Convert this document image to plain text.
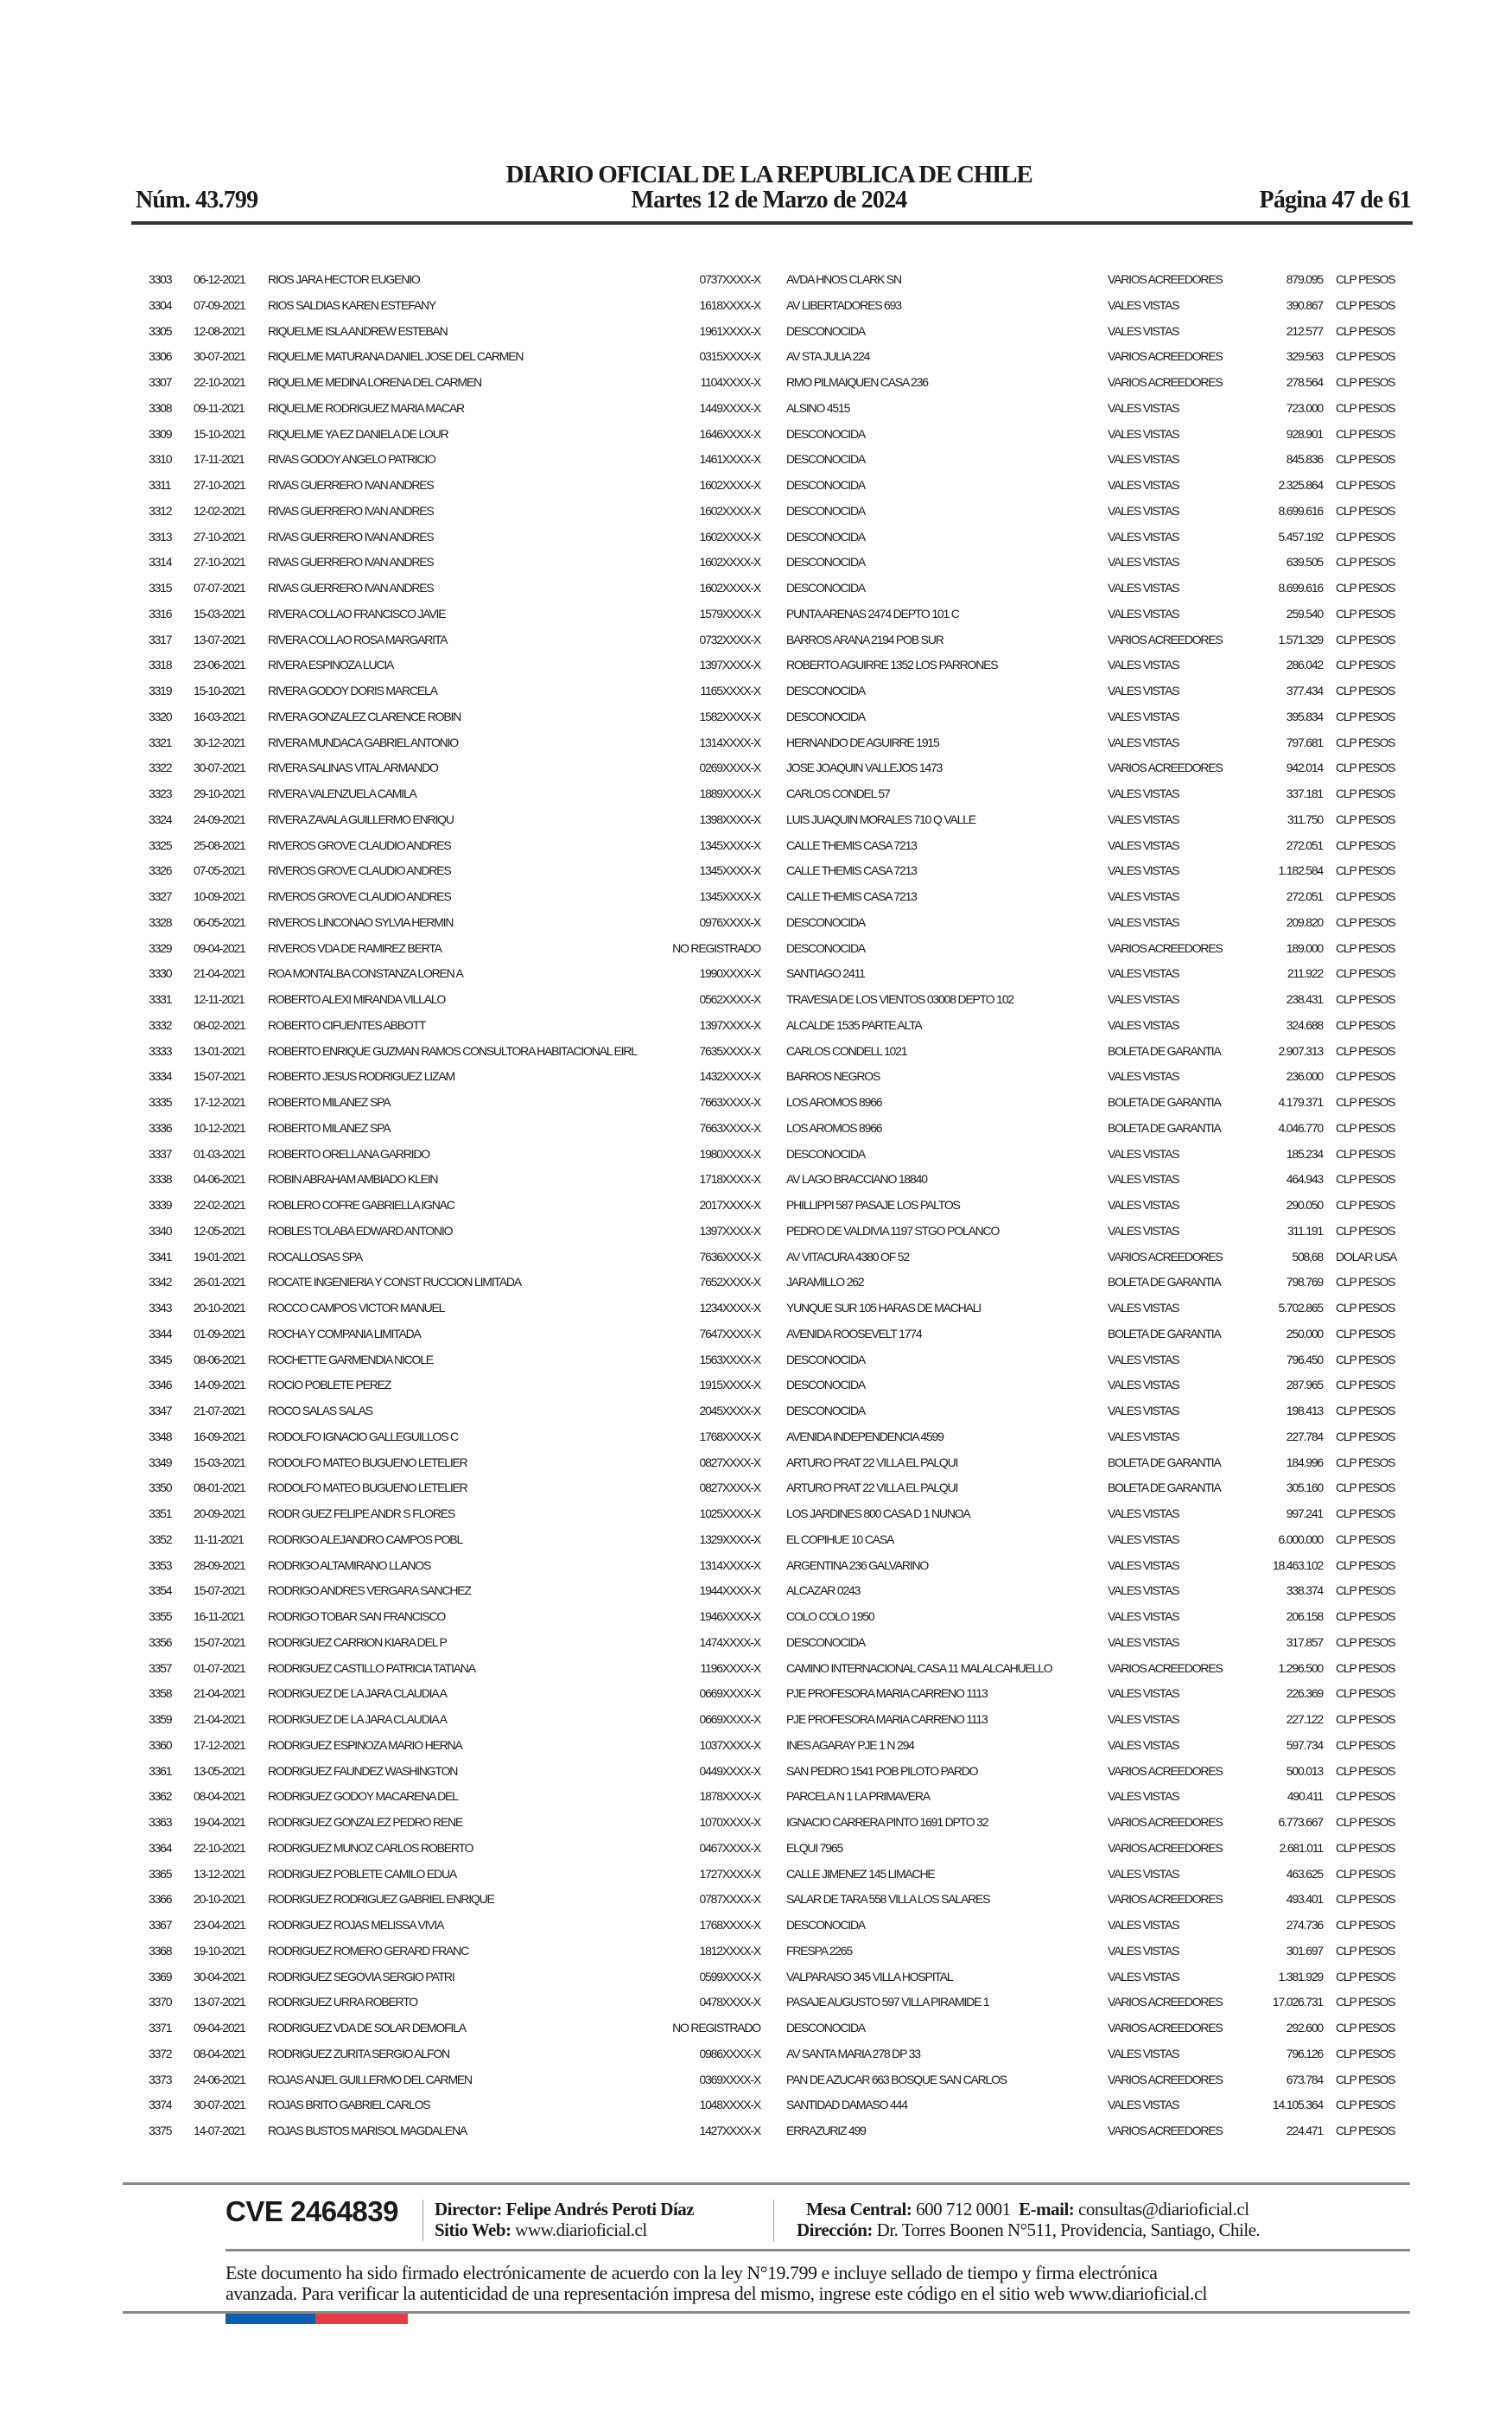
DIARIO OFICIAL DE LA REPUBLICA DE CHILE
Núm. 43.799	Martes 12 de Marzo de 2024	Página 47 de 61
3303 06-12-2021 RIOS JARA HECTOR EUGENIO	0737XXXX-X AVDA HNOS CLARK SN	VARIOS ACREEDORES	879.095 CLP PESOS
3304 07-09-2021 RIOS SALDIAS KAREN ESTEFANY	1618XXXX-X AV LIBERTADORES 693	VALES VISTAS	390.867 CLP PESOS
3305 12-08-2021 RIQUELME ISLA ANDREW ESTEBAN	1961XXXX-X DESCONOCIDA	VALES VISTAS	212.577 CLP PESOS
3306 30-07-2021 RIQUELME MATURANA DANIEL JOSE DEL CARMEN	0315XXXX-X AV STA JULIA 224	VARIOS ACREEDORES	329.563 CLP PESOS
3307 22-10-2021 RIQUELME MEDINA LORENA DEL CARMEN	1104XXXX-X RMO PILMAIQUEN CASA 236	VARIOS ACREEDORES	278.564 CLP PESOS
3308 09-11-2021 RIQUELME RODRIGUEZ MARIA MACAR	1449XXXX-X ALSINO 4515	VALES VISTAS	723.000 CLP PESOS
3309 15-10-2021 RIQUELME YA EZ DANIELA DE LOUR	1646XXXX-X DESCONOCIDA	VALES VISTAS	928.901 CLP PESOS
3310 17-11-2021 RIVAS GODOY ANGELO PATRICIO	1461XXXX-X DESCONOCIDA	VALES VISTAS	845.836 CLP PESOS
3311 27-10-2021 RIVAS GUERRERO IVAN ANDRES	1602XXXX-X DESCONOCIDA	VALES VISTAS	2.325.864 CLP PESOS
3312 12-02-2021 RIVAS GUERRERO IVAN ANDRES	1602XXXX-X DESCONOCIDA	VALES VISTAS	8.699.616 CLP PESOS
3313 27-10-2021 RIVAS GUERRERO IVAN ANDRES	1602XXXX-X DESCONOCIDA	VALES VISTAS	5.457.192 CLP PESOS
3314 27-10-2021 RIVAS GUERRERO IVAN ANDRES	1602XXXX-X DESCONOCIDA	VALES VISTAS	639.505 CLP PESOS
3315 07-07-2021 RIVAS GUERRERO IVAN ANDRES	1602XXXX-X DESCONOCIDA	VALES VISTAS	8.699.616 CLP PESOS
3316 15-03-2021 RIVERA COLLAO FRANCISCO JAVIE	1579XXXX-X PUNTA ARENAS 2474 DEPTO 101 C	VALES VISTAS	259.540 CLP PESOS
3317 13-07-2021 RIVERA COLLAO ROSA MARGARITA	0732XXXX-X BARROS ARANA 2194 POB SUR	VARIOS ACREEDORES	1.571.329 CLP PESOS
3318 23-06-2021 RIVERA ESPINOZA LUCIA	1397XXXX-X ROBERTO AGUIRRE 1352 LOS PARRONES	VALES VISTAS	286.042 CLP PESOS
3319 15-10-2021 RIVERA GODOY DORIS MARCELA	1165XXXX-X DESCONOCIDA	VALES VISTAS	377.434 CLP PESOS
3320 16-03-2021 RIVERA GONZALEZ CLARENCE ROBIN	1582XXXX-X DESCONOCIDA	VALES VISTAS	395.834 CLP PESOS
3321 30-12-2021 RIVERA MUNDACA GABRIEL ANTONIO	1314XXXX-X HERNANDO DE AGUIRRE 1915	VALES VISTAS	797.681 CLP PESOS
3322 30-07-2021 RIVERA SALINAS VITAL ARMANDO	0269XXXX-X JOSE JOAQUIN VALLEJOS 1473	VARIOS ACREEDORES	942.014 CLP PESOS
3323 29-10-2021 RIVERA VALENZUELA CAMILA	1889XXXX-X CARLOS CONDEL 57	VALES VISTAS	337.181 CLP PESOS
3324 24-09-2021 RIVERA ZAVALA GUILLERMO ENRIQU	1398XXXX-X LUIS JUAQUIN MORALES 710 Q VALLE	VALES VISTAS	311.750 CLP PESOS
3325 25-08-2021 RIVEROS GROVE CLAUDIO ANDRES	1345XXXX-X CALLE THEMIS CASA 7213	VALES VISTAS	272.051 CLP PESOS
3326 07-05-2021 RIVEROS GROVE CLAUDIO ANDRES	1345XXXX-X CALLE THEMIS CASA 7213	VALES VISTAS	1.182.584 CLP PESOS
3327 10-09-2021 RIVEROS GROVE CLAUDIO ANDRES	1345XXXX-X CALLE THEMIS CASA 7213	VALES VISTAS	272.051 CLP PESOS
3328 06-05-2021 RIVEROS LINCONAO SYLVIA HERMIN	0976XXXX-X DESCONOCIDA	VALES VISTAS	209.820 CLP PESOS
3329 09-04-2021 RIVEROS VDA DE RAMIREZ BERTA	NO REGISTRADO DESCONOCIDA	VARIOS ACREEDORES	189.000 CLP PESOS
3330 21-04-2021 ROA MONTALBA CONSTANZA LOREN A	1990XXXX-X SANTIAGO 2411	VALES VISTAS	211.922 CLP PESOS
3331 12-11-2021 ROBERTO ALEXI MIRANDA VILLALO	0562XXXX-X TRAVESIA DE LOS VIENTOS 03008 DEPTO 102	VALES VISTAS	238.431 CLP PESOS
3332 08-02-2021 ROBERTO CIFUENTES ABBOTT	1397XXXX-X ALCALDE 1535 PARTE ALTA	VALES VISTAS	324.688 CLP PESOS
3333 13-01-2021 ROBERTO ENRIQUE GUZMAN RAMOS CONSULTORA HABITACIONAL EIRL	7635XXXX-X CARLOS CONDELL 1021	BOLETA DE GARANTIA	2.907.313 CLP PESOS
3334 15-07-2021 ROBERTO JESUS RODRIGUEZ LIZAM	1432XXXX-X BARROS NEGROS	VALES VISTAS	236.000 CLP PESOS
3335 17-12-2021 ROBERTO MILANEZ SPA	7663XXXX-X LOS AROMOS 8966	BOLETA DE GARANTIA	4.179.371 CLP PESOS
3336 10-12-2021 ROBERTO MILANEZ SPA	7663XXXX-X LOS AROMOS 8966	BOLETA DE GARANTIA	4.046.770 CLP PESOS
3337 01-03-2021 ROBERTO ORELLANA GARRIDO	1980XXXX-X DESCONOCIDA	VALES VISTAS	185.234 CLP PESOS
3338 04-06-2021 ROBIN ABRAHAM AMBIADO KLEIN	1718XXXX-X AV LAGO BRACCIANO 18840	VALES VISTAS	464.943 CLP PESOS
3339 22-02-2021 ROBLERO COFRE GABRIELLA IGNAC	2017XXXX-X PHILLIPPI 587 PASAJE LOS PALTOS	VALES VISTAS	290.050 CLP PESOS
3340 12-05-2021 ROBLES TOLABA EDWARD ANTONIO	1397XXXX-X PEDRO DE VALDIVIA 1197 STGO POLANCO	VALES VISTAS	311.191 CLP PESOS
3341 19-01-2021 ROCALLOSAS SPA	7636XXXX-X AV VITACURA 4380 OF 52	VARIOS ACREEDORES	508,68 DOLAR USA
3342 26-01-2021 ROCATE INGENIERIA Y CONST RUCCION LIMITADA	7652XXXX-X JARAMILLO 262	BOLETA DE GARANTIA	798.769 CLP PESOS
3343 20-10-2021 ROCCO CAMPOS VICTOR MANUEL	1234XXXX-X YUNQUE SUR 105 HARAS DE MACHALI	VALES VISTAS	5.702.865 CLP PESOS
3344 01-09-2021 ROCHA Y COMPANIA LIMITADA	7647XXXX-X AVENIDA ROOSEVELT 1774	BOLETA DE GARANTIA	250.000 CLP PESOS
3345 08-06-2021 ROCHETTE GARMENDIA NICOLE	1563XXXX-X DESCONOCIDA	VALES VISTAS	796.450 CLP PESOS
3346 14-09-2021 ROCIO POBLETE PEREZ	1915XXXX-X DESCONOCIDA	VALES VISTAS	287.965 CLP PESOS
3347 21-07-2021 ROCO SALAS SALAS	2045XXXX-X DESCONOCIDA	VALES VISTAS	198.413 CLP PESOS
3348 16-09-2021 RODOLFO IGNACIO GALLEGUILLOS C	1768XXXX-X AVENIDA INDEPENDENCIA 4599	VALES VISTAS	227.784 CLP PESOS
3349 15-03-2021 RODOLFO MATEO BUGUENO LETELIER	0827XXXX-X ARTURO PRAT 22 VILLA EL PALQUI	BOLETA DE GARANTIA	184.996 CLP PESOS
3350 08-01-2021 RODOLFO MATEO BUGUENO LETELIER	0827XXXX-X ARTURO PRAT 22 VILLA EL PALQUI	BOLETA DE GARANTIA	305.160 CLP PESOS
3351 20-09-2021 RODR GUEZ FELIPE ANDR S FLORES	1025XXXX-X LOS JARDINES 800 CASA D 1 NUNOA	VALES VISTAS	997.241 CLP PESOS
3352 11-11-2021 RODRIGO ALEJANDRO CAMPOS POBL	1329XXXX-X EL COPIHUE 10 CASA	VALES VISTAS	6.000.000 CLP PESOS
3353 28-09-2021 RODRIGO ALTAMIRANO LLANOS	1314XXXX-X ARGENTINA 236 GALVARINO	VALES VISTAS	18.463.102 CLP PESOS
3354 15-07-2021 RODRIGO ANDRES VERGARA SANCHEZ	1944XXXX-X ALCAZAR 0243	VALES VISTAS	338.374 CLP PESOS
3355 16-11-2021 RODRIGO TOBAR SAN FRANCISCO	1946XXXX-X COLO COLO 1950	VALES VISTAS	206.158 CLP PESOS
3356 15-07-2021 RODRIGUEZ CARRION KIARA DEL P	1474XXXX-X DESCONOCIDA	VALES VISTAS	317.857 CLP PESOS
3357 01-07-2021 RODRIGUEZ CASTILLO PATRICIA TATIANA	1196XXXX-X CAMINO INTERNACIONAL CASA 11 MALALCAHUELLO	VARIOS ACREEDORES	1.296.500 CLP PESOS
3358 21-04-2021 RODRIGUEZ DE LA JARA CLAUDIA A	0669XXXX-X PJE PROFESORA MARIA CARRENO 1113	VALES VISTAS	226.369 CLP PESOS
3359 21-04-2021 RODRIGUEZ DE LA JARA CLAUDIA A	0669XXXX-X PJE PROFESORA MARIA CARRENO 1113	VALES VISTAS	227.122 CLP PESOS
3360 17-12-2021 RODRIGUEZ ESPINOZA MARIO HERNA	1037XXXX-X INES AGARAY PJE 1 N 294	VALES VISTAS	597.734 CLP PESOS
3361 13-05-2021 RODRIGUEZ FAUNDEZ WASHINGTON	0449XXXX-X SAN PEDRO 1541 POB PILOTO PARDO	VARIOS ACREEDORES	500.013 CLP PESOS
3362 08-04-2021 RODRIGUEZ GODOY MACARENA DEL	1878XXXX-X PARCELA N 1 LA PRIMAVERA	VALES VISTAS	490.411 CLP PESOS
3363 19-04-2021 RODRIGUEZ GONZALEZ PEDRO RENE	1070XXXX-X IGNACIO CARRERA PINTO 1691 DPTO 32	VARIOS ACREEDORES	6.773.667 CLP PESOS
3364 22-10-2021 RODRIGUEZ MUNOZ CARLOS ROBERTO	0467XXXX-X ELQUI 7965	VARIOS ACREEDORES	2.681.011 CLP PESOS
3365 13-12-2021 RODRIGUEZ POBLETE CAMILO EDUA	1727XXXX-X CALLE JIMENEZ 145 LIMACHE	VALES VISTAS	463.625 CLP PESOS
3366 20-10-2021 RODRIGUEZ RODRIGUEZ GABRIEL ENRIQUE	0787XXXX-X SALAR DE TARA 558 VILLA LOS SALARES	VARIOS ACREEDORES	493.401 CLP PESOS
3367 23-04-2021 RODRIGUEZ ROJAS MELISSA VIVIA	1768XXXX-X DESCONOCIDA	VALES VISTAS	274.736 CLP PESOS
3368 19-10-2021 RODRIGUEZ ROMERO GERARD FRANC	1812XXXX-X FRESPA 2265	VALES VISTAS	301.697 CLP PESOS
3369 30-04-2021 RODRIGUEZ SEGOVIA SERGIO PATRI	0599XXXX-X VALPARAISO 345 VILLA HOSPITAL	VALES VISTAS	1.381.929 CLP PESOS
3370 13-07-2021 RODRIGUEZ URRA ROBERTO	0478XXXX-X PASAJE AUGUSTO 597 VILLA PIRAMIDE 1	VARIOS ACREEDORES	17.026.731 CLP PESOS
3371 09-04-2021 RODRIGUEZ VDA DE SOLAR DEMOFILA	NO REGISTRADO DESCONOCIDA	VARIOS ACREEDORES	292.600 CLP PESOS
3372 08-04-2021 RODRIGUEZ ZURITA SERGIO ALFON	0986XXXX-X AV SANTA MARIA 278 DP 33	VALES VISTAS	796.126 CLP PESOS
3373 24-06-2021 ROJAS ANJEL GUILLERMO DEL CARMEN	0369XXXX-X PAN DE AZUCAR 663 BOSQUE SAN CARLOS	VARIOS ACREEDORES	673.784 CLP PESOS
3374 30-07-2021 ROJAS BRITO GABRIEL CARLOS	1048XXXX-X SANTIDAD DAMASO 444	VALES VISTAS	14.105.364 CLP PESOS
3375 14-07-2021 ROJAS BUSTOS MARISOL MAGDALENA	1427XXXX-X ERRAZURIZ 499	VARIOS ACREEDORES	224.471 CLP PESOS
CVE 2464839 Director: Felipe Andrés Peroti Díaz
Sitio Web: www.diarioficial.cl
Mesa Central: 600 712 0001 E-mail: consultas@diarioficial.cl
Dirección: Dr. Torres Boonen N°511, Providencia, Santiago, Chile.
Este documento ha sido firmado electrónicamente de acuerdo con la ley N°19.799 e incluye sellado de tiempo y firma electrónica
avanzada. Para verificar la autenticidad de una representación impresa del mismo, ingrese este código en el sitio web www.diarioficial.cl
